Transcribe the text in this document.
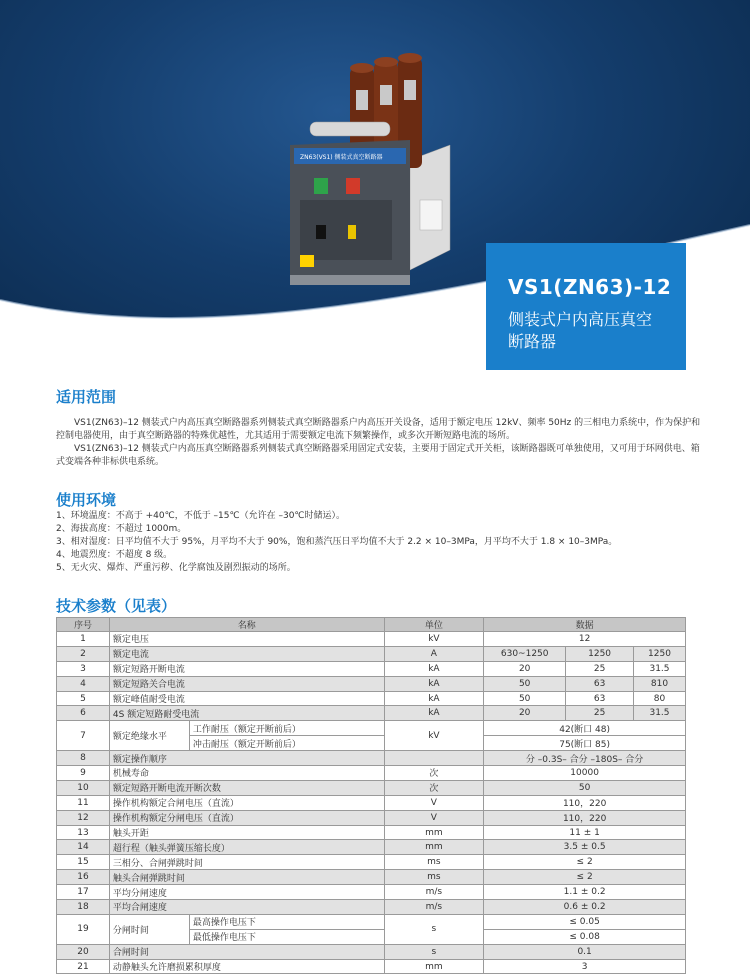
ZN63(VS1) 侧装式真空断路器
VS1(ZN63)-12
侧装式户内高压真空断路器
适用范围

VS1(ZN63)–12 侧装式户内高压真空断路器系列侧装式真空断路器系户内高压开关设备，适用于额定电压 12kV、频率 50Hz 的三相电力系统中，作为保护和控制电器使用，由于真空断路器的特殊优越性，尤其适用于需要额定电流下频繁操作，或多次开断短路电流的场所。

VS1(ZN63)–12 侧装式户内高压真空断路器系列侧装式真空断路器采用固定式安装，主要用于固定式开关柜，该断路器既可单独使用，又可用于环网供电、箱式变端各种非标供电系统。

使用环境

1、环境温度：不高于 +40℃，不低于 –15℃（允许在 –30℃时储运）。

2、海拔高度：不超过 1000m。

3、相对湿度：日平均值不大于 95%，月平均不大于 90%，饱和蒸汽压日平均值不大于 2.2 × 10–3MPa，月平均不大于 1.8 × 10–3MPa。

4、地震烈度：不超度 8 级。

5、无火灾、爆炸、严重污秽、化学腐蚀及剧烈振动的场所。

技术参数（见表）
序号	名称		单位	数据		
1	额定电压		kV	12		
2	额定电流		A	630~1250	1250	1250
3	额定短路开断电流		kA	20	25	31.5
4	额定短路关合电流		kA	50	63	810
5	额定峰值耐受电流		kA	50	63	80
6	4S 额定短路耐受电流		kA	20	25	31.5
7	额定绝缘水平	工作耐压（额定开断前后）	kV	42(断口 48)		
		冲击耐压（额定开断前后）		75(断口 85)		
8	额定操作顺序			分 –0.3S– 合分 –180S– 合分		
9	机械寿命		次	10000		
10	额定短路开断电流开断次数		次	50		
11	操作机构额定合闸电压（直流）		V	110，220		
12	操作机构额定分闸电压（直流）		V	110，220		
13	触头开距		mm	11 ± 1		
14	超行程（触头弹簧压缩长度）		mm	3.5 ± 0.5		
15	三相分、合闸弹跳时间		ms	≤ 2		
16	触头合闸弹跳时间		ms	≤ 2		
17	平均分闸速度		m/s	1.1 ± 0.2		
18	平均合闸速度		m/s	0.6 ± 0.2		
19	分闸时间	最高操作电压下	s	≤ 0.05		
		最低操作电压下		≤ 0.08		
20	合闸时间		s	0.1		
21	动静触头允许磨损累积厚度		mm	3		
